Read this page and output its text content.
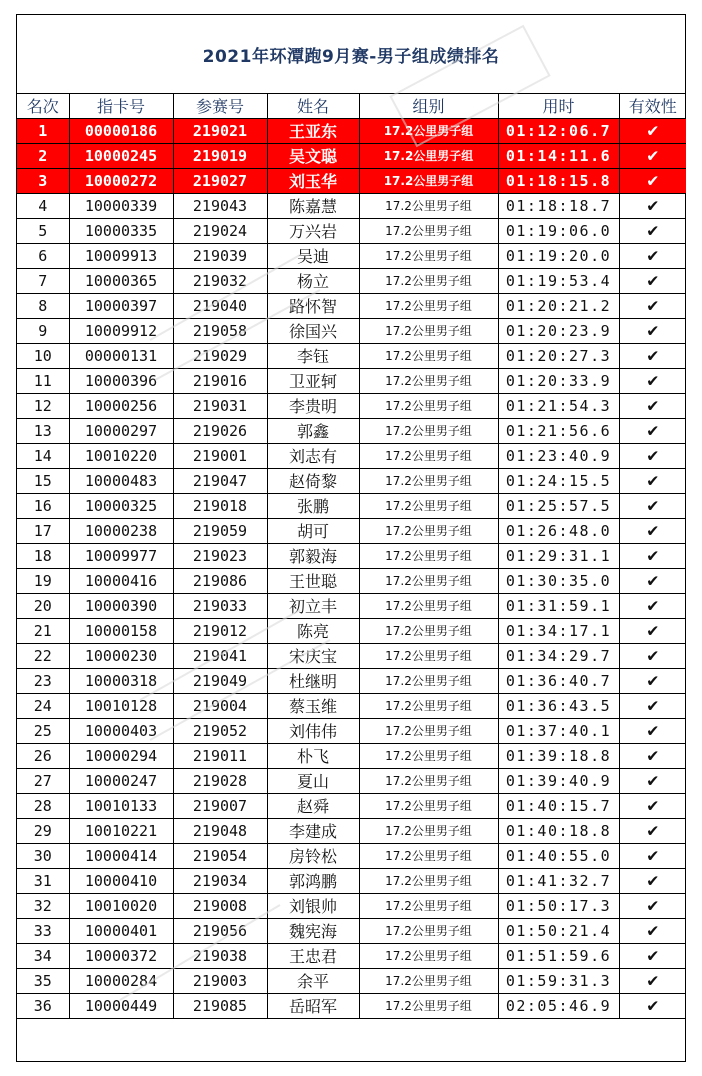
2021年环潭跑9月赛-男子组成绩排名
名次	指卡号	参赛号	姓名	组别	用时	有效性
1	00000186	219021	王亚东	17.2公里男子组	01:12:06.7	✔
2	10000245	219019	吴文聪	17.2公里男子组	01:14:11.6	✔
3	10000272	219027	刘玉华	17.2公里男子组	01:18:15.8	✔
4	10000339	219043	陈嘉慧	17.2公里男子组	01:18:18.7	✔
5	10000335	219024	万兴岩	17.2公里男子组	01:19:06.0	✔
6	10009913	219039	吴迪	17.2公里男子组	01:19:20.0	✔
7	10000365	219032	杨立	17.2公里男子组	01:19:53.4	✔
8	10000397	219040	路怀智	17.2公里男子组	01:20:21.2	✔
9	10009912	219058	徐国兴	17.2公里男子组	01:20:23.9	✔
10	00000131	219029	李钰	17.2公里男子组	01:20:27.3	✔
11	10000396	219016	卫亚轲	17.2公里男子组	01:20:33.9	✔
12	10000256	219031	李贵明	17.2公里男子组	01:21:54.3	✔
13	10000297	219026	郭鑫	17.2公里男子组	01:21:56.6	✔
14	10010220	219001	刘志有	17.2公里男子组	01:23:40.9	✔
15	10000483	219047	赵倚黎	17.2公里男子组	01:24:15.5	✔
16	10000325	219018	张鹏	17.2公里男子组	01:25:57.5	✔
17	10000238	219059	胡可	17.2公里男子组	01:26:48.0	✔
18	10009977	219023	郭毅海	17.2公里男子组	01:29:31.1	✔
19	10000416	219086	王世聪	17.2公里男子组	01:30:35.0	✔
20	10000390	219033	初立丰	17.2公里男子组	01:31:59.1	✔
21	10000158	219012	陈亮	17.2公里男子组	01:34:17.1	✔
22	10000230	219041	宋庆宝	17.2公里男子组	01:34:29.7	✔
23	10000318	219049	杜继明	17.2公里男子组	01:36:40.7	✔
24	10010128	219004	蔡玉维	17.2公里男子组	01:36:43.5	✔
25	10000403	219052	刘伟伟	17.2公里男子组	01:37:40.1	✔
26	10000294	219011	朴飞	17.2公里男子组	01:39:18.8	✔
27	10000247	219028	夏山	17.2公里男子组	01:39:40.9	✔
28	10010133	219007	赵舜	17.2公里男子组	01:40:15.7	✔
29	10010221	219048	李建成	17.2公里男子组	01:40:18.8	✔
30	10000414	219054	房铃松	17.2公里男子组	01:40:55.0	✔
31	10000410	219034	郭鸿鹏	17.2公里男子组	01:41:32.7	✔
32	10010020	219008	刘银帅	17.2公里男子组	01:50:17.3	✔
33	10000401	219056	魏宪海	17.2公里男子组	01:50:21.4	✔
34	10000372	219038	王忠君	17.2公里男子组	01:51:59.6	✔
35	10000284	219003	余平	17.2公里男子组	01:59:31.3	✔
36	10000449	219085	岳昭军	17.2公里男子组	02:05:46.9	✔
